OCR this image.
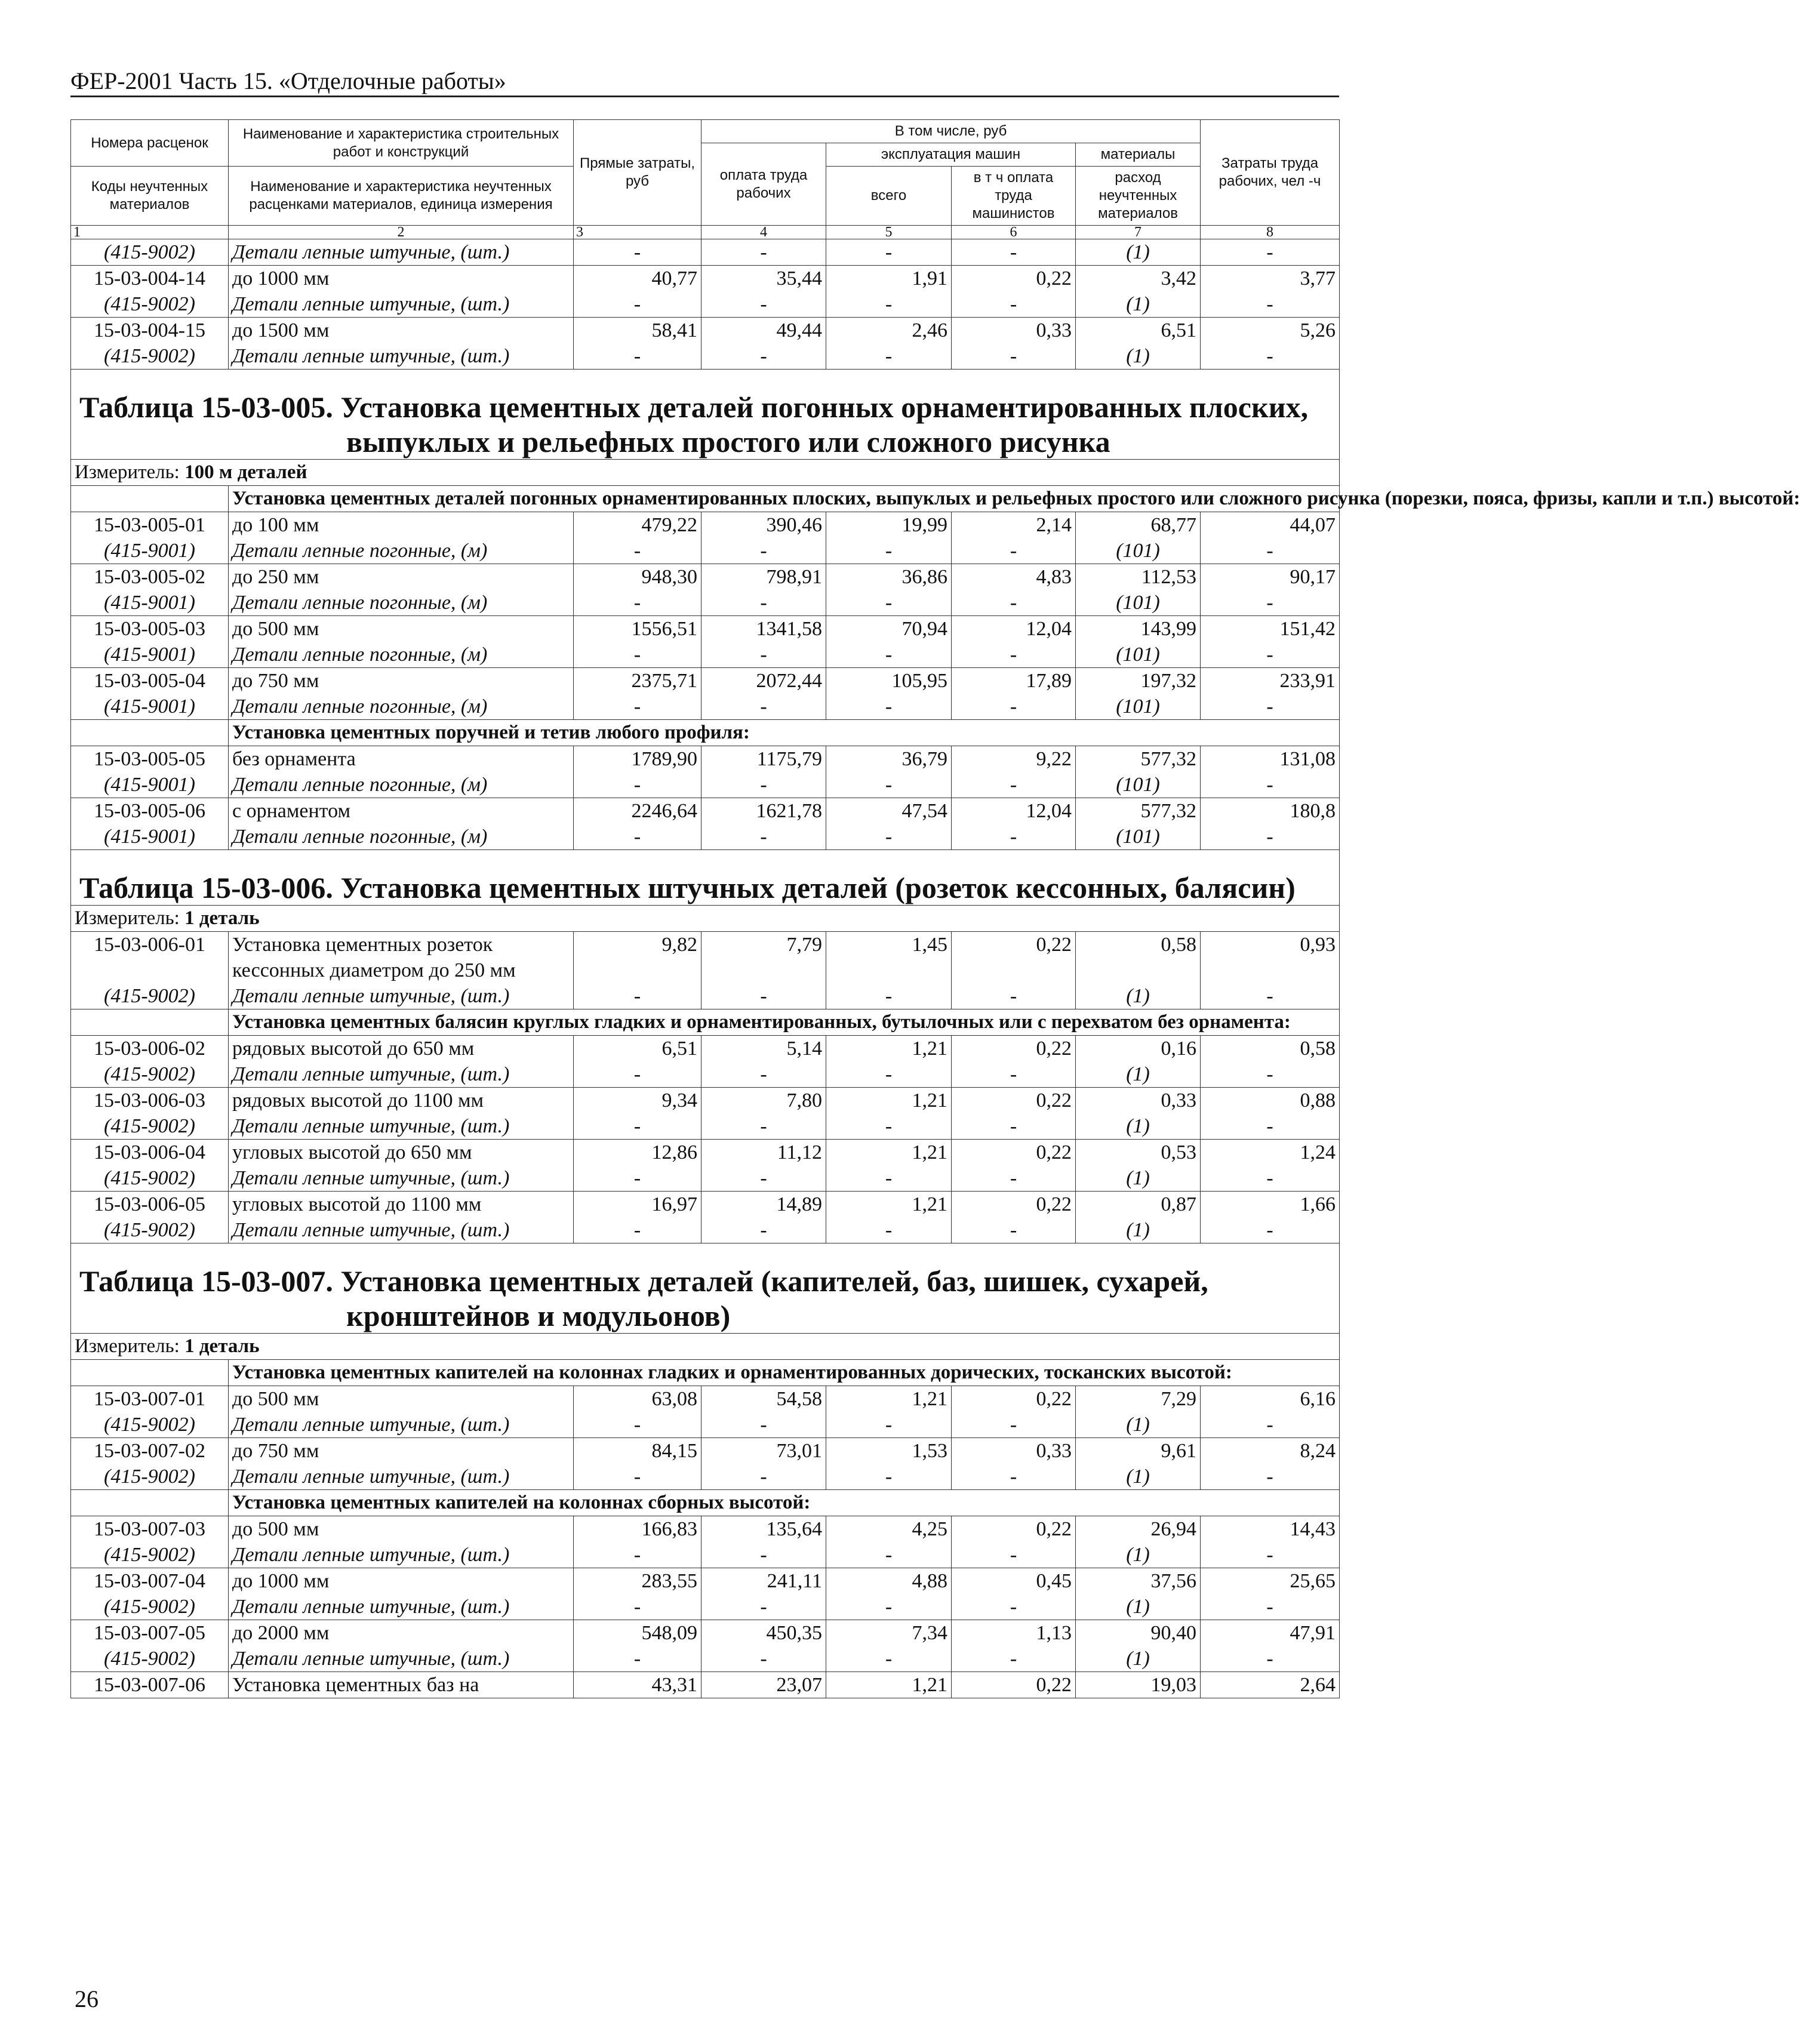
ФЕР-2001 Часть 15. «Отделочные работы»
Номера расценок	Наименование и характеристика строительных работ и конструкций	Прямые затраты, руб	В том числе, руб				Затраты труда рабочих, чел -ч
			оплата труда рабочих	эксплуатация машин		материалы	
Коды неучтенных материалов	Наименование и характеристика неучтенных расценками материалов, единица измерения			всего	в т ч оплата труда машинистов	расход неучтенных материалов	

1	2	3	4	5	6	7	8
(415-9002)	Детали лепные штучные, (шт.)	-	-	-	-	(1)	-
15-03-004-14	до 1000 мм	40,77	35,44	1,91	0,22	3,42	3,77
(415-9002)	Детали лепные штучные, (шт.)	-	-	-	-	(1)	-
15-03-004-15	до 1500 мм	58,41	49,44	2,46	0,33	6,51	5,26
(415-9002)	Детали лепные штучные, (шт.)	-	-	-	-	(1)	-

Таблица 15-03-005. Установка цементных деталей погонных орнаментированных плоских,
выпуклых и рельефных простого или сложного рисунка							

Измеритель: 100 м деталей							
	Установка цементных деталей погонных орнаментированных плоских, выпуклых и рельефных простого или сложного рисунка (порезки, пояса, фризы, капли и т.п.) высотой:						
15-03-005-01	до 100 мм	479,22	390,46	19,99	2,14	68,77	44,07
(415-9001)	Детали лепные погонные, (м)	-	-	-	-	(101)	-
15-03-005-02	до 250 мм	948,30	798,91	36,86	4,83	112,53	90,17
(415-9001)	Детали лепные погонные, (м)	-	-	-	-	(101)	-
15-03-005-03	до 500 мм	1556,51	1341,58	70,94	12,04	143,99	151,42
(415-9001)	Детали лепные погонные, (м)	-	-	-	-	(101)	-
15-03-005-04	до 750 мм	2375,71	2072,44	105,95	17,89	197,32	233,91
(415-9001)	Детали лепные погонные, (м)	-	-	-	-	(101)	-
	Установка цементных поручней и тетив любого профиля:						
15-03-005-05	без орнамента	1789,90	1175,79	36,79	9,22	577,32	131,08
(415-9001)	Детали лепные погонные, (м)	-	-	-	-	(101)	-
15-03-005-06	с орнаментом	2246,64	1621,78	47,54	12,04	577,32	180,8
(415-9001)	Детали лепные погонные, (м)	-	-	-	-	(101)	-

Таблица 15-03-006. Установка цементных штучных деталей (розеток кессонных, балясин)							

Измеритель: 1 деталь							
15-03-006-01	Установка цементных розеток	9,82	7,79	1,45	0,22	0,58	0,93
	кессонных диаметром до 250 мм						
(415-9002)	Детали лепные штучные, (шт.)	-	-	-	-	(1)	-
	Установка цементных балясин круглых гладких и орнаментированных, бутылочных или с перехватом без орнамента:						
15-03-006-02	рядовых высотой до 650 мм	6,51	5,14	1,21	0,22	0,16	0,58
(415-9002)	Детали лепные штучные, (шт.)	-	-	-	-	(1)	-
15-03-006-03	рядовых высотой до 1100 мм	9,34	7,80	1,21	0,22	0,33	0,88
(415-9002)	Детали лепные штучные, (шт.)	-	-	-	-	(1)	-
15-03-006-04	угловых высотой до 650 мм	12,86	11,12	1,21	0,22	0,53	1,24
(415-9002)	Детали лепные штучные, (шт.)	-	-	-	-	(1)	-
15-03-006-05	угловых высотой до 1100 мм	16,97	14,89	1,21	0,22	0,87	1,66
(415-9002)	Детали лепные штучные, (шт.)	-	-	-	-	(1)	-

Таблица 15-03-007. Установка цементных деталей (капителей, баз, шишек, сухарей,
кронштейнов и модульонов)							

Измеритель: 1 деталь							
	Установка цементных капителей на колоннах гладких и орнаментированных дорических, тосканских высотой:						
15-03-007-01	до 500 мм	63,08	54,58	1,21	0,22	7,29	6,16
(415-9002)	Детали лепные штучные, (шт.)	-	-	-	-	(1)	-
15-03-007-02	до 750 мм	84,15	73,01	1,53	0,33	9,61	8,24
(415-9002)	Детали лепные штучные, (шт.)	-	-	-	-	(1)	-
	Установка цементных капителей на колоннах сборных высотой:						
15-03-007-03	до 500 мм	166,83	135,64	4,25	0,22	26,94	14,43
(415-9002)	Детали лепные штучные, (шт.)	-	-	-	-	(1)	-
15-03-007-04	до 1000 мм	283,55	241,11	4,88	0,45	37,56	25,65
(415-9002)	Детали лепные штучные, (шт.)	-	-	-	-	(1)	-
15-03-007-05	до 2000 мм	548,09	450,35	7,34	1,13	90,40	47,91
(415-9002)	Детали лепные штучные, (шт.)	-	-	-	-	(1)	-
15-03-007-06	Установка цементных баз на	43,31	23,07	1,21	0,22	19,03	2,64
26
